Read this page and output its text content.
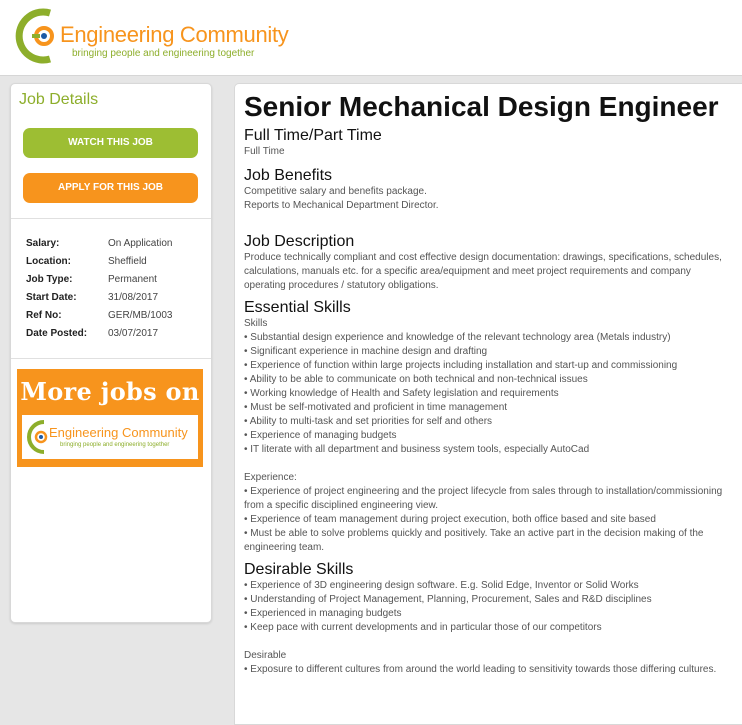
Engineering Community
bringing people and engineering together
Job Details
WATCH THIS JOB
APPLY FOR THIS JOB
Salary:	On Application
Location:	Sheffield
Job Type:	Permanent
Start Date:	31/08/2017
Ref No:	GER/MB/1003
Date Posted: 03/07/2017
More jobs on
Engineering Community
bringing people and engineering together
Senior Mechanical Design Engineer
Full Time/Part Time

Full Time

Job Benefits

Competitive salary and benefits package.

Reports to Mechanical Department Director.

Job Description

Produce technically compliant and cost effective design documentation: drawings, specifications, schedules, calculations, manuals etc. for a specific area/equipment and meet project requirements and company operating procedures / statutory obligations.

Essential Skills

Skills

• Substantial design experience and knowledge of the relevant technology area (Metals industry)

• Significant experience in machine design and drafting

• Experience of function within large projects including installation and start-up and commissioning

• Ability to be able to communicate on both technical and non-technical issues

• Working knowledge of Health and Safety legislation and requirements

• Must be self-motivated and proficient in time management

• Ability to multi-task and set priorities for self and others

• Experience of managing budgets

• IT literate with all department and business system tools, especially AutoCad

Experience:

• Experience of project engineering and the project lifecycle from sales through to installation/commissioning from a specific disciplined engineering view.

• Experience of team management during project execution, both office based and site based

• Must be able to solve problems quickly and positively. Take an active part in the decision making of the engineering team.

Desirable Skills

• Experience of 3D engineering design software. E.g. Solid Edge, Inventor or Solid Works

• Understanding of Project Management, Planning, Procurement, Sales and R&D disciplines

• Experienced in managing budgets

• Keep pace with current developments and in particular those of our competitors

Desirable

• Exposure to different cultures from around the world leading to sensitivity towards those differing cultures.
